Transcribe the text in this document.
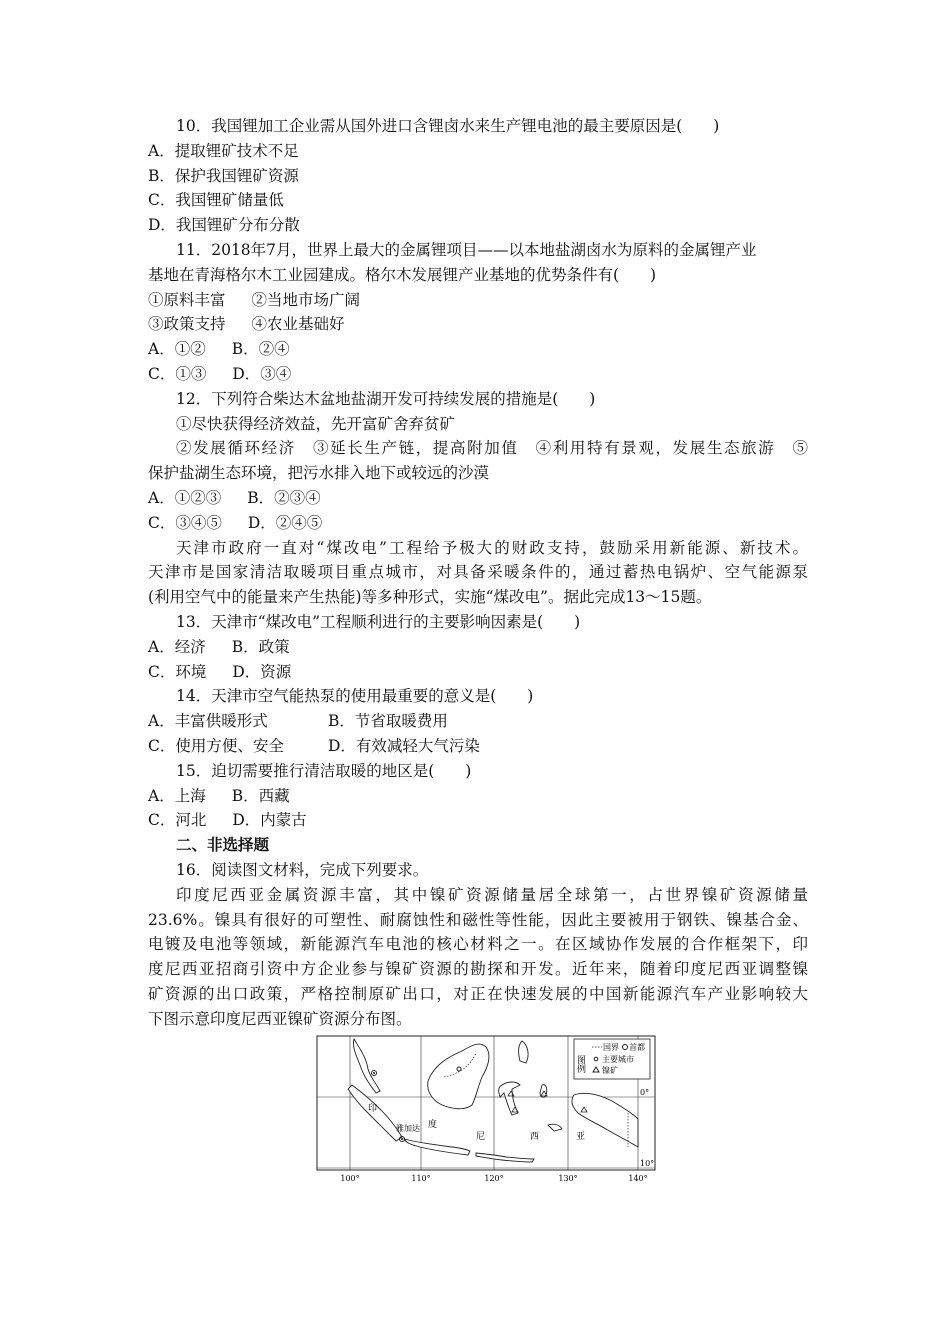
10．我国锂加工企业需从国外进口含锂卤水来生产锂电池的最主要原因是(　　)
A．提取锂矿技术不足
B．保护我国锂矿资源
C．我国锂矿储量低
D．我国锂矿分布分散
11．2018年7月，世界上最大的金属锂项目——以本地盐湖卤水为原料的金属锂产业
基地在青海格尔木工业园建成。格尔木发展锂产业基地的优势条件有(　　)
①原料丰富 ②当地市场广阔
③政策支持 ④农业基础好
A．①② B．②④
C．①③ D．③④
12．下列符合柴达木盆地盐湖开发可持续发展的措施是(　　)
①尽快获得经济效益，先开富矿舍弃贫矿
②发展循环经济　③延长生产链，提高附加值　④利用特有景观，发展生态旅游　⑤
保护盐湖生态环境，把污水排入地下或较远的沙漠
A．①②③ B．②③④
C．③④⑤ D．②④⑤
天津市政府一直对“煤改电”工程给予极大的财政支持，鼓励采用新能源、新技术。
天津市是国家清洁取暖项目重点城市，对具备采暖条件的，通过蓄热电锅炉、空气能源泵
(利用空气中的能量来产生热能)等多种形式，实施“煤改电”。据此完成13～15题。
13．天津市“煤改电”工程顺利进行的主要影响因素是(　　)
A．经济 B．政策
C．环境 D．资源
14．天津市空气能热泵的使用最重要的意义是(　　)
A．丰富供暖形式	B．节省取暖费用
C．使用方便、安全	D．有效减轻大气污染
15．迫切需要推行清洁取暖的地区是(　　)
A．上海 B．西藏
C．河北 D．内蒙古
二、非选择题
16．阅读图文材料，完成下列要求。
印度尼西亚金属资源丰富，其中镍矿资源储量居全球第一，占世界镍矿资源储量
23.6%。镍具有很好的可塑性、耐腐蚀性和磁性等性能，因此主要被用于钢铁、镍基合金、
电镀及电池等领域，新能源汽车电池的核心材料之一。在区域协作发展的合作框架下，印
度尼西亚招商引资中方企业参与镍矿资源的勘探和开发。近年来，随着印度尼西亚调整镍
矿资源的出口政策，严格控制原矿出口，对正在快速发展的中国新能源汽车产业影响较大
下图示意印度尼西亚镍矿资源分布图。
图例
国界 首都
主要城市
镍矿
印
雅加达 度
尼	西	亚
0°
10°
100°	110°	120°	130°	140°
